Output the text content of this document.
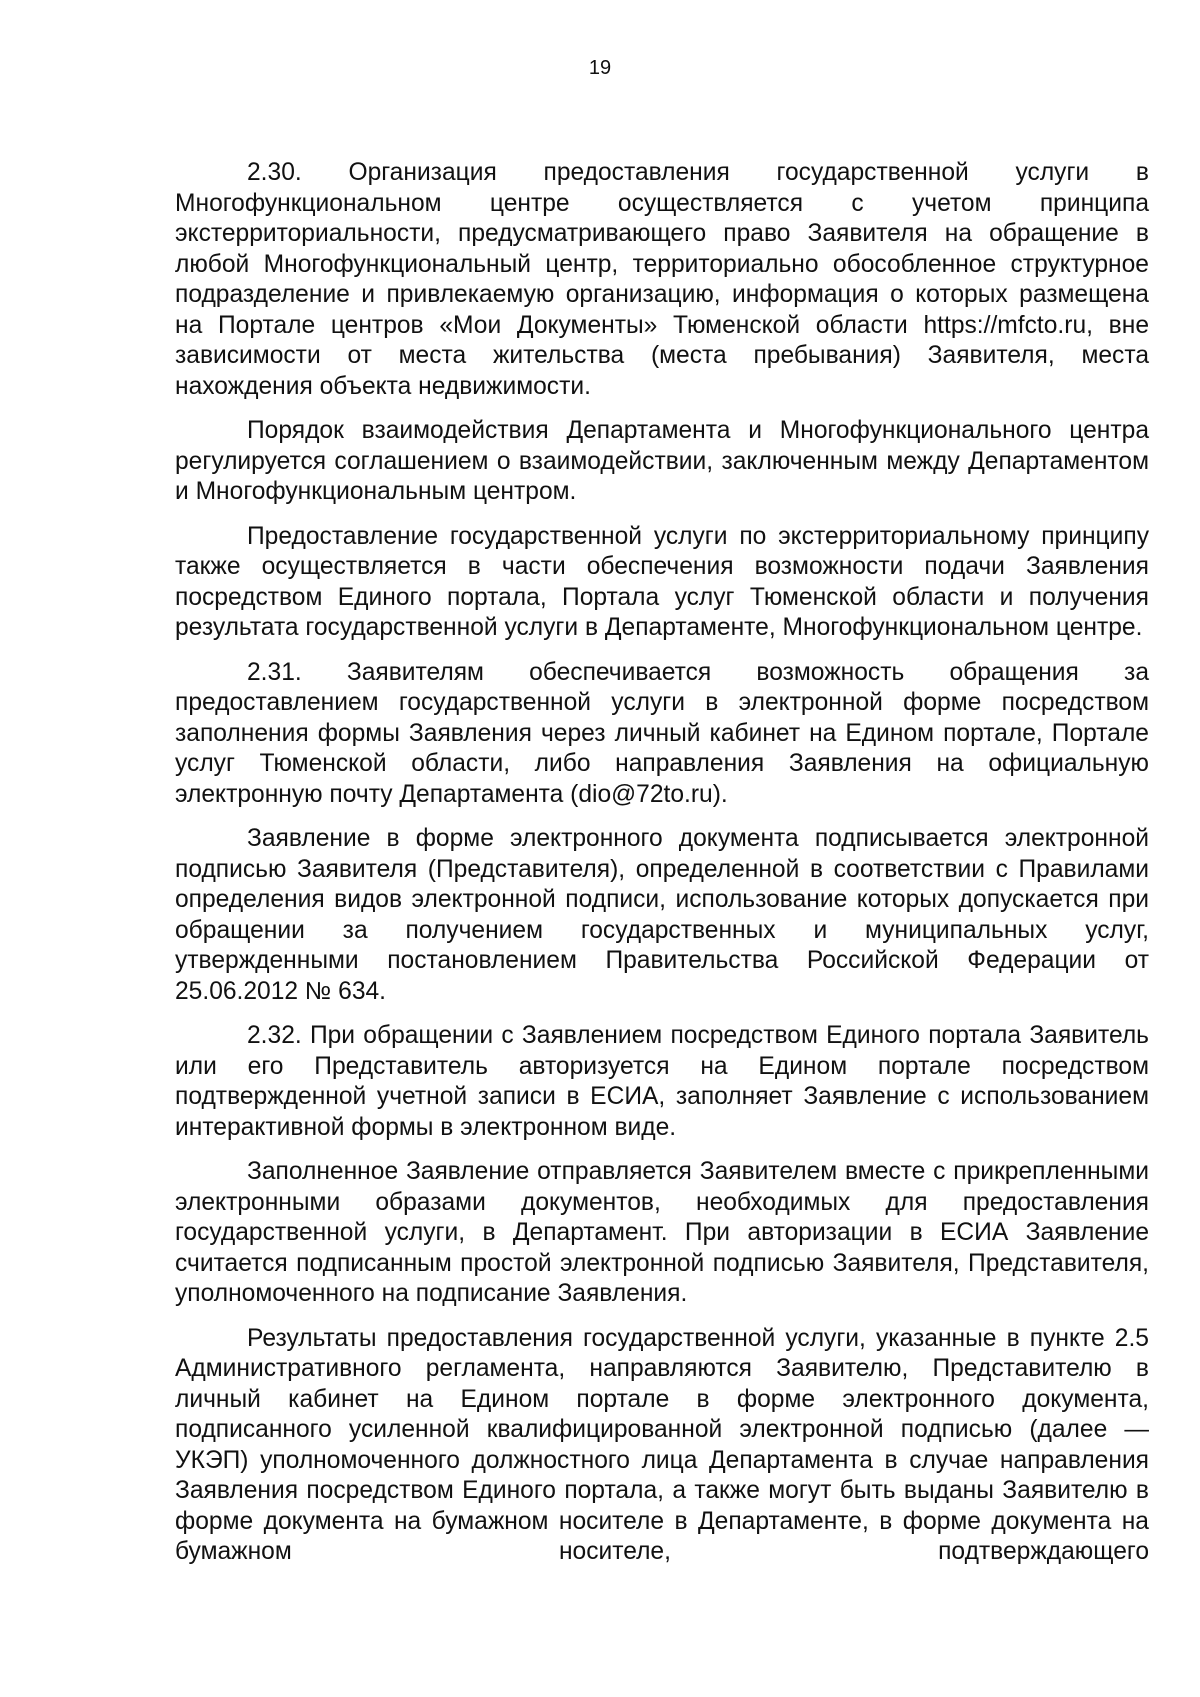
19

2.30. Организация предоставления государственной услуги в Многофункциональном центре осуществляется с учетом принципа экстерриториальности, предусматривающего право Заявителя на обращение в любой Многофункциональный центр, территориально обособленное структурное подразделение и привлекаемую организацию, информация о которых размещена на Портале центров «Мои Документы» Тюменской области https://mfcto.ru, вне зависимости от места жительства (места пребывания) Заявителя, места нахождения объекта недвижимости.

Порядок взаимодействия Департамента и Многофункционального центра регулируется соглашением о взаимодействии, заключенным между Департаментом и Многофункциональным центром.

Предоставление государственной услуги по экстерриториальному принципу также осуществляется в части обеспечения возможности подачи Заявления посредством Единого портала, Портала услуг Тюменской области и получения результата государственной услуги в Департаменте, Многофункциональном центре.

2.31. Заявителям обеспечивается возможность обращения за предоставлением государственной услуги в электронной форме посредством заполнения формы Заявления через личный кабинет на Едином портале, Портале услуг Тюменской области, либо направления Заявления на официальную электронную почту Департамента (dio@72to.ru).

Заявление в форме электронного документа подписывается электронной подписью Заявителя (Представителя), определенной в соответствии с Правилами определения видов электронной подписи, использование которых допускается при обращении за получением государственных и муниципальных услуг, утвержденными постановлением Правительства Российской Федерации от 25.06.2012 № 634.

2.32. При обращении с Заявлением посредством Единого портала Заявитель или его Представитель авторизуется на Едином портале посредством подтвержденной учетной записи в ЕСИА, заполняет Заявление с использованием интерактивной формы в электронном виде.

Заполненное Заявление отправляется Заявителем вместе с прикрепленными электронными образами документов, необходимых для предоставления государственной услуги, в Департамент. При авторизации в ЕСИА Заявление считается подписанным простой электронной подписью Заявителя, Представителя, уполномоченного на подписание Заявления.

Результаты предоставления государственной услуги, указанные в пункте 2.5 Административного регламента, направляются Заявителю, Представителю в личный кабинет на Едином портале в форме электронного документа, подписанного усиленной квалифицированной электронной подписью (далее —УКЭП) уполномоченного должностного лица Департамента в случае направления Заявления посредством Единого портала, а также могут быть выданы Заявителю в форме документа на бумажном носителе в Департаменте, в форме документа на бумажном носителе, подтверждающего
